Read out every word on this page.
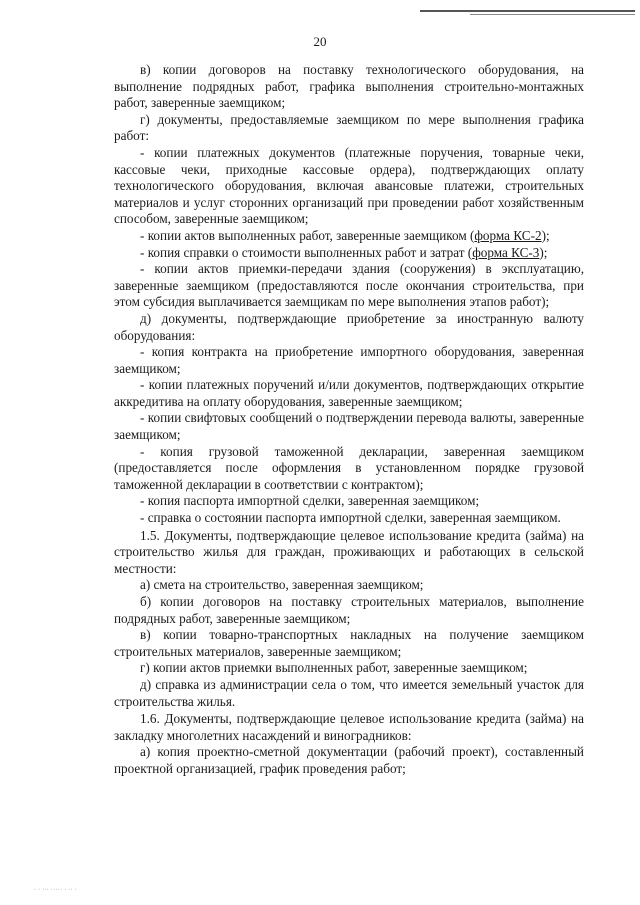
20

в) копии договоров на поставку технологического оборудования, на выполнение подрядных работ, графика выполнения строительно-монтажных работ, заверенные заемщиком;

г) документы, предоставляемые заемщиком по мере выполнения графика работ:

- копии платежных документов (платежные поручения, товарные чеки, кассовые чеки, приходные кассовые ордера), подтверждающих оплату технологического оборудования, включая авансовые платежи, строительных материалов и услуг сторонних организаций при проведении работ хозяйственным способом, заверенные заемщиком;

- копии актов выполненных работ, заверенные заемщиком (форма КС-2);

- копия справки о стоимости выполненных работ и затрат (форма КС-3);

- копии актов приемки-передачи здания (сооружения) в эксплуатацию, заверенные заемщиком (предоставляются после окончания строительства, при этом субсидия выплачивается заемщикам по мере выполнения этапов работ);

д) документы, подтверждающие приобретение за иностранную валюту оборудования:

- копия контракта на приобретение импортного оборудования, заверенная заемщиком;

- копии платежных поручений и/или документов, подтверждающих открытие аккредитива на оплату оборудования, заверенные заемщиком;

- копии свифтовых сообщений о подтверждении перевода валюты, заверенные заемщиком;

- копия грузовой таможенной декларации, заверенная заемщиком (предоставляется после оформления в установленном порядке грузовой таможенной декларации в соответствии с контрактом);

- копия паспорта импортной сделки, заверенная заемщиком;

- справка о состоянии паспорта импортной сделки, заверенная заемщиком.

1.5. Документы, подтверждающие целевое использование кредита (займа) на строительство жилья для граждан, проживающих и работающих в сельской местности:

а) смета на строительство, заверенная заемщиком;

б) копии договоров на поставку строительных материалов, выполнение подрядных работ, заверенные заемщиком;

в) копии товарно-транспортных накладных на получение заемщиком строительных материалов, заверенные заемщиком;

г) копии актов приемки выполненных работ, заверенные заемщиком;

д) справка из администрации села о том, что имеется земельный участок для строительства жилья.

1.6. Документы, подтверждающие целевое использование кредита (займа) на закладку многолетних насаждений и виноградников:

а) копия проектно-сметной документации (рабочий проект), составленный проектной организацией, график проведения работ;

· · ··· ····· · ·· ·
